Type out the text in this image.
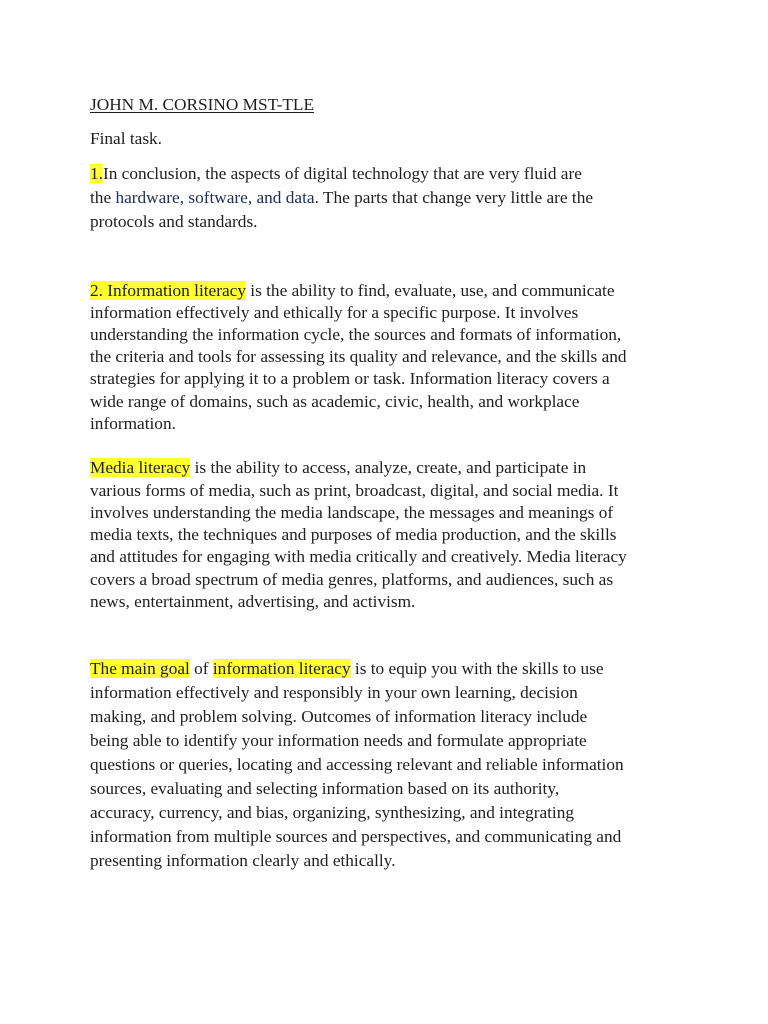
JOHN M. CORSINO MST-TLE
Final task.
1.In conclusion, the aspects of digital technology that are very fluid are
the hardware, software, and data. The parts that change very little are the
protocols and standards.
2. Information literacy is the ability to find, evaluate, use, and communicate
information effectively and ethically for a specific purpose. It involves
understanding the information cycle, the sources and formats of information,
the criteria and tools for assessing its quality and relevance, and the skills and
strategies for applying it to a problem or task. Information literacy covers a
wide range of domains, such as academic, civic, health, and workplace
information.
Media literacy is the ability to access, analyze, create, and participate in
various forms of media, such as print, broadcast, digital, and social media. It
involves understanding the media landscape, the messages and meanings of
media texts, the techniques and purposes of media production, and the skills
and attitudes for engaging with media critically and creatively. Media literacy
covers a broad spectrum of media genres, platforms, and audiences, such as
news, entertainment, advertising, and activism.
The main goal of information literacy is to equip you with the skills to use
information effectively and responsibly in your own learning, decision
making, and problem solving. Outcomes of information literacy include
being able to identify your information needs and formulate appropriate
questions or queries, locating and accessing relevant and reliable information
sources, evaluating and selecting information based on its authority,
accuracy, currency, and bias, organizing, synthesizing, and integrating
information from multiple sources and perspectives, and communicating and
presenting information clearly and ethically.
